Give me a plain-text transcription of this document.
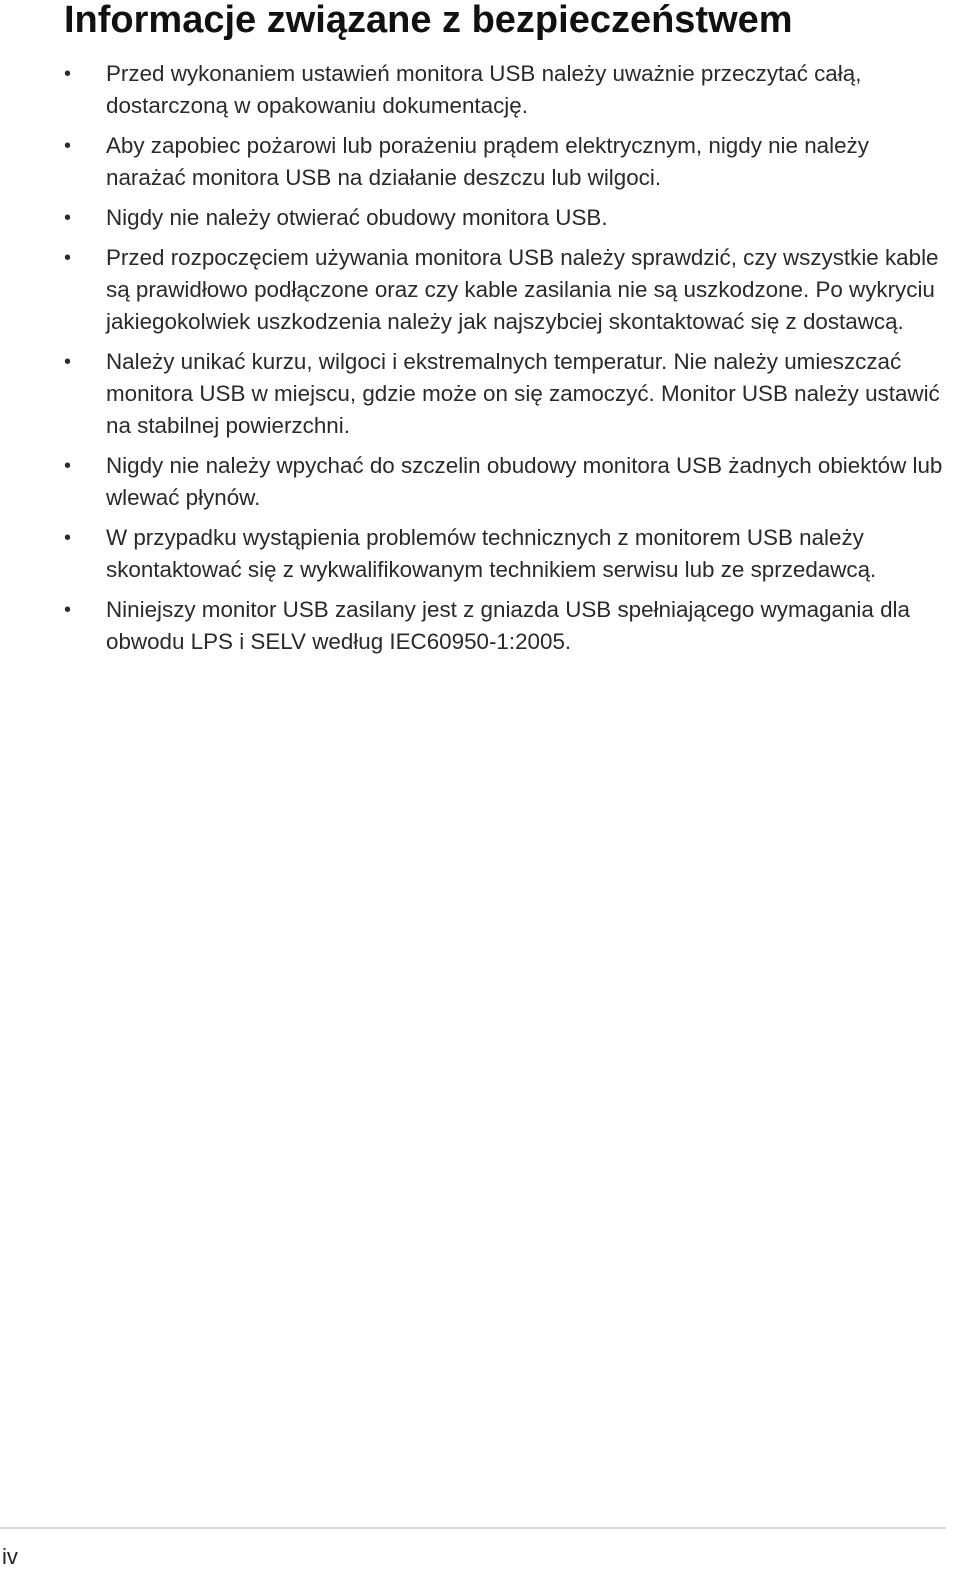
Informacje związane z bezpieczeństwem
•	Przed wykonaniem ustawień monitora USB należy uważnie przeczytać całą, dostarczoną w opakowaniu dokumentację.
•	Aby zapobiec pożarowi lub porażeniu prądem elektrycznym, nigdy nie należy narażać monitora USB na działanie deszczu lub wilgoci.
•	Nigdy nie należy otwierać obudowy monitora USB.
•	Przed rozpoczęciem używania monitora USB należy sprawdzić, czy wszystkie kable są prawidłowo podłączone oraz czy kable zasilania nie są uszkodzone. Po wykryciu jakiegokolwiek uszkodzenia należy jak najszybciej skontaktować się z dostawcą.
•	Należy unikać kurzu, wilgoci i ekstremalnych temperatur. Nie należy umieszczać monitora USB w miejscu, gdzie może on się zamoczyć. Monitor USB należy ustawić na stabilnej powierzchni.
•	Nigdy nie należy wpychać do szczelin obudowy monitora USB żadnych obiektów lub wlewać płynów.
•	W przypadku wystąpienia problemów technicznych z monitorem USB należy skontaktować się z wykwalifikowanym technikiem serwisu lub ze sprzedawcą.
•	Niniejszy monitor USB zasilany jest z gniazda USB spełniającego wymagania dla obwodu LPS i SELV według IEC60950-1:2005.
iv
